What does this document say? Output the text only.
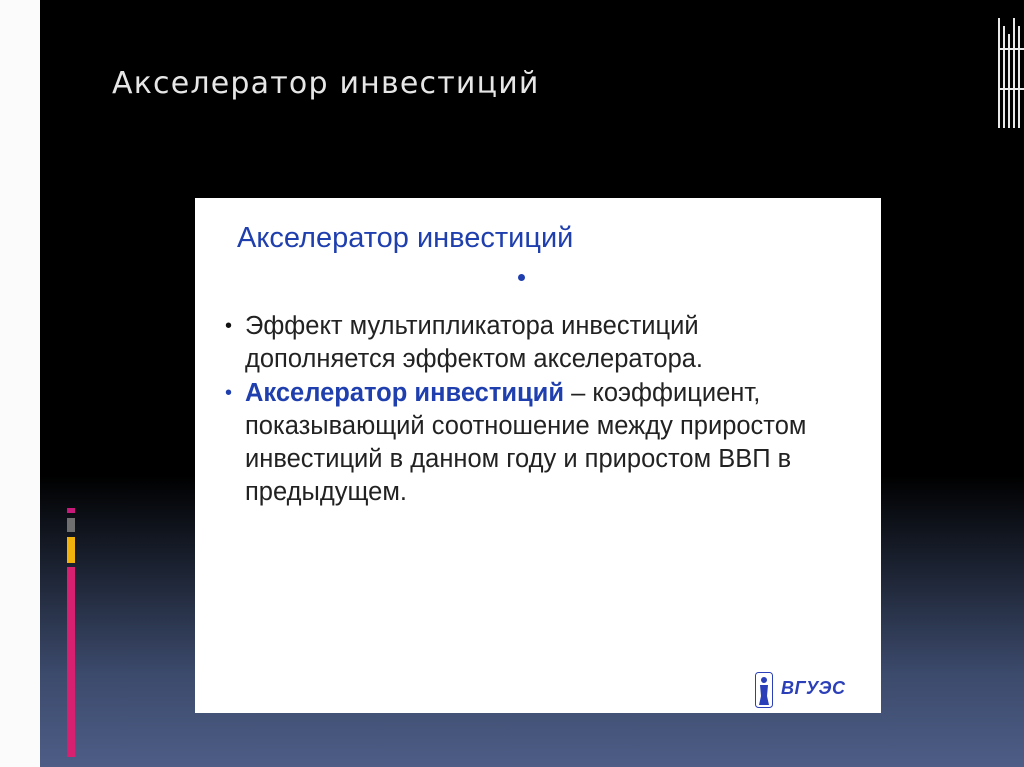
Акселератор инвестиций
Акселератор инвестиций
• Эффект мультипликатора инвестиций дополняется эффектом акселератора.
• Акселератор инвестиций – коэффициент, показывающий соотношение между приростом инвестиций в данном году и приростом ВВП в предыдущем.
ВГУЭС
